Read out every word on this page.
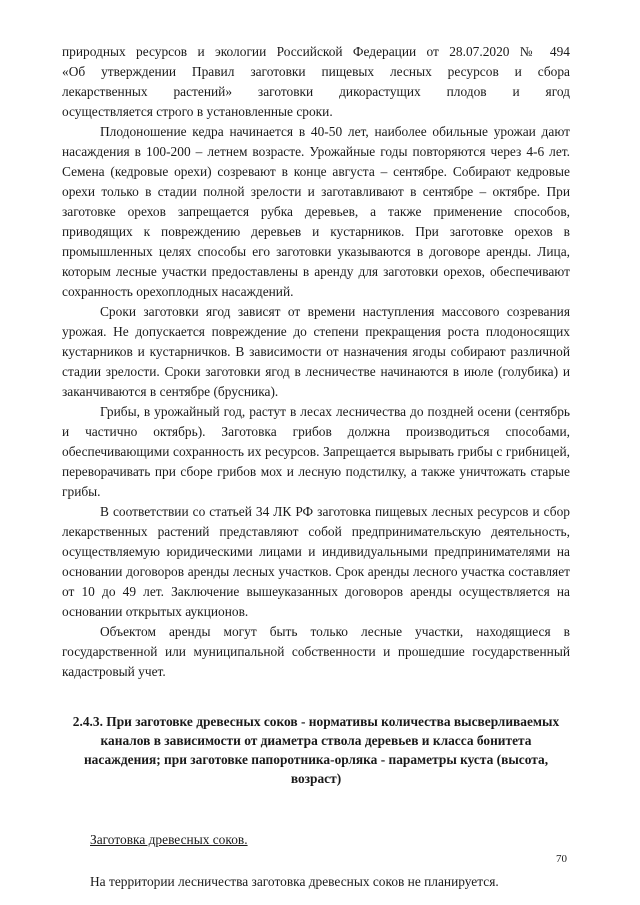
природных ресурсов и экологии Российской Федерации от 28.07.2020 № 494
«Об утверждении Правил заготовки пищевых лесных ресурсов и сбора
лекарственных растений» заготовки дикорастущих плодов и ягод
осуществляется строго в установленные сроки.

Плодоношение кедра начинается в 40-50 лет, наиболее обильные урожаи дают насаждения в 100-200 – летнем возрасте. Урожайные годы повторяются через 4-6 лет. Семена (кедровые орехи) созревают в конце августа – сентябре. Собирают кедровые орехи только в стадии полной зрелости и заготавливают в сентябре – октябре. При заготовке орехов запрещается рубка деревьев, а также применение способов, приводящих к повреждению деревьев и кустарников. При заготовке орехов в промышленных целях способы его заготовки указываются в договоре аренды. Лица, которым лесные участки предоставлены в аренду для заготовки орехов, обеспечивают сохранность орехоплодных насаждений.

Сроки заготовки ягод зависят от времени наступления массового созревания урожая. Не допускается повреждение до степени прекращения роста плодоносящих кустарников и кустарничков. В зависимости от назначения ягоды собирают различной стадии зрелости. Сроки заготовки ягод в лесничестве начинаются в июле (голубика) и заканчиваются в сентябре (брусника).

Грибы, в урожайный год, растут в лесах лесничества до поздней осени (сентябрь и частично октябрь). Заготовка грибов должна производиться способами, обеспечивающими сохранность их ресурсов. Запрещается вырывать грибы с грибницей, переворачивать при сборе грибов мох и лесную подстилку, а также уничтожать старые грибы.

В соответствии со статьей 34 ЛК РФ заготовка пищевых лесных ресурсов и сбор лекарственных растений представляют собой предпринимательскую деятельность, осуществляемую юридическими лицами и индивидуальными предпринимателями на основании договоров аренды лесных участков. Срок аренды лесного участка составляет от 10 до 49 лет. Заключение вышеуказанных договоров аренды осуществляется на основании открытых аукционов.

Объектом аренды могут быть только лесные участки, находящиеся в государственной или муниципальной собственности и прошедшие государственный кадастровый учет.

2.4.3. При заготовке древесных соков - нормативы количества высверливаемых каналов в зависимости от диаметра ствола деревьев и класса бонитета насаждения; при заготовке папоротника-орляка - параметры куста (высота, возраст)
Заготовка древесных соков.
На территории лесничества заготовка древесных соков не планируется.
70
